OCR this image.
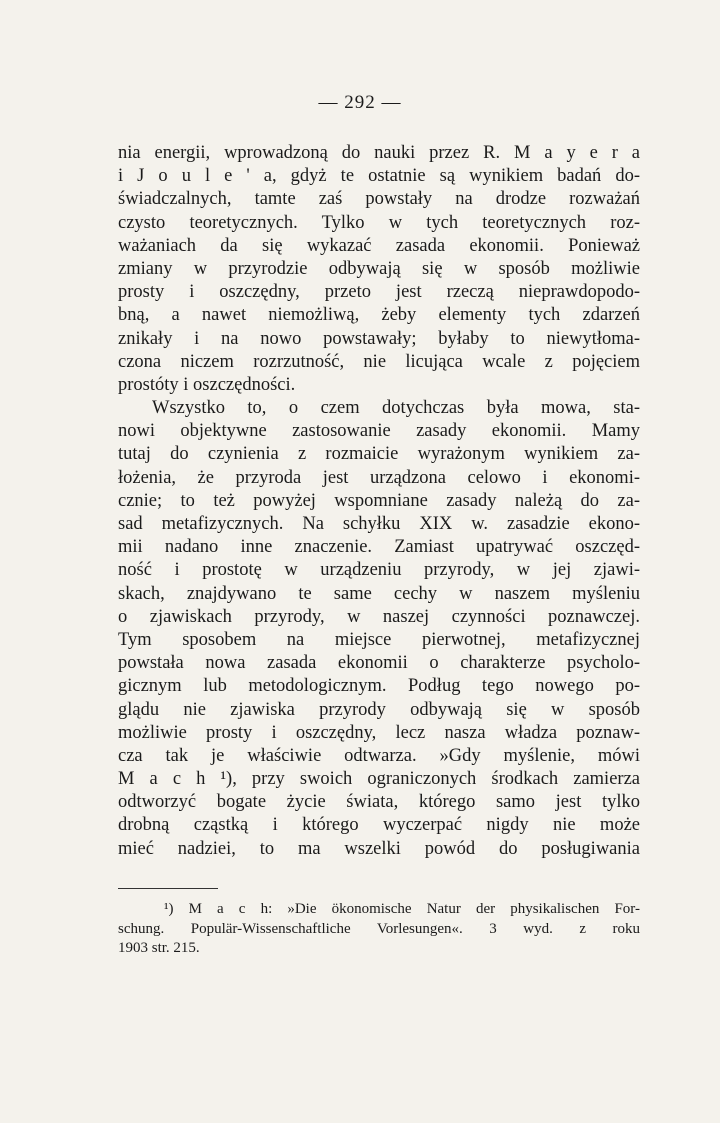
— 292 —
nia energii, wprowadzoną do nauki przez R. M a y e r a
i J o u l e ' a, gdyż te ostatnie są wynikiem badań do-
świadczalnych, tamte zaś powstały na drodze rozważań
czysto teoretycznych. Tylko w tych teoretycznych roz-
ważaniach da się wykazać zasada ekonomii. Ponieważ
zmiany w przyrodzie odbywają się w sposób możliwie
prosty i oszczędny, przeto jest rzeczą nieprawdopodo-
bną, a nawet niemożliwą, żeby elementy tych zdarzeń
znikały i na nowo powstawały; byłaby to niewytłoma-
czona niczem rozrzutność, nie licująca wcale z pojęciem
prostóty i oszczędności.
Wszystko to, o czem dotychczas była mowa, sta-
nowi objektywne zastosowanie zasady ekonomii. Mamy
tutaj do czynienia z rozmaicie wyrażonym wynikiem za-
łożenia, że przyroda jest urządzona celowo i ekonomi-
cznie; to też powyżej wspomniane zasady należą do za-
sad metafizycznych. Na schyłku XIX w. zasadzie ekono-
mii nadano inne znaczenie. Zamiast upatrywać oszczęd-
ność i prostotę w urządzeniu przyrody, w jej zjawi-
skach, znajdywano te same cechy w naszem myśleniu
o zjawiskach przyrody, w naszej czynności poznawczej.
Tym sposobem na miejsce pierwotnej, metafizycznej
powstała nowa zasada ekonomii o charakterze psycholo-
gicznym lub metodologicznym. Podług tego nowego po-
glądu nie zjawiska przyrody odbywają się w sposób
możliwie prosty i oszczędny, lecz nasza władza poznaw-
cza tak je właściwie odtwarza. »Gdy myślenie, mówi
M a c h ¹), przy swoich ograniczonych środkach zamierza
odtworzyć bogate życie świata, którego samo jest tylko
drobną cząstką i którego wyczerpać nigdy nie może
mieć nadziei, to ma wszelki powód do posługiwania
¹) M a c h: »Die ökonomische Natur der physikalischen For-
schung. Populär-Wissenschaftliche Vorlesungen«. 3 wyd. z roku
1903 str. 215.
